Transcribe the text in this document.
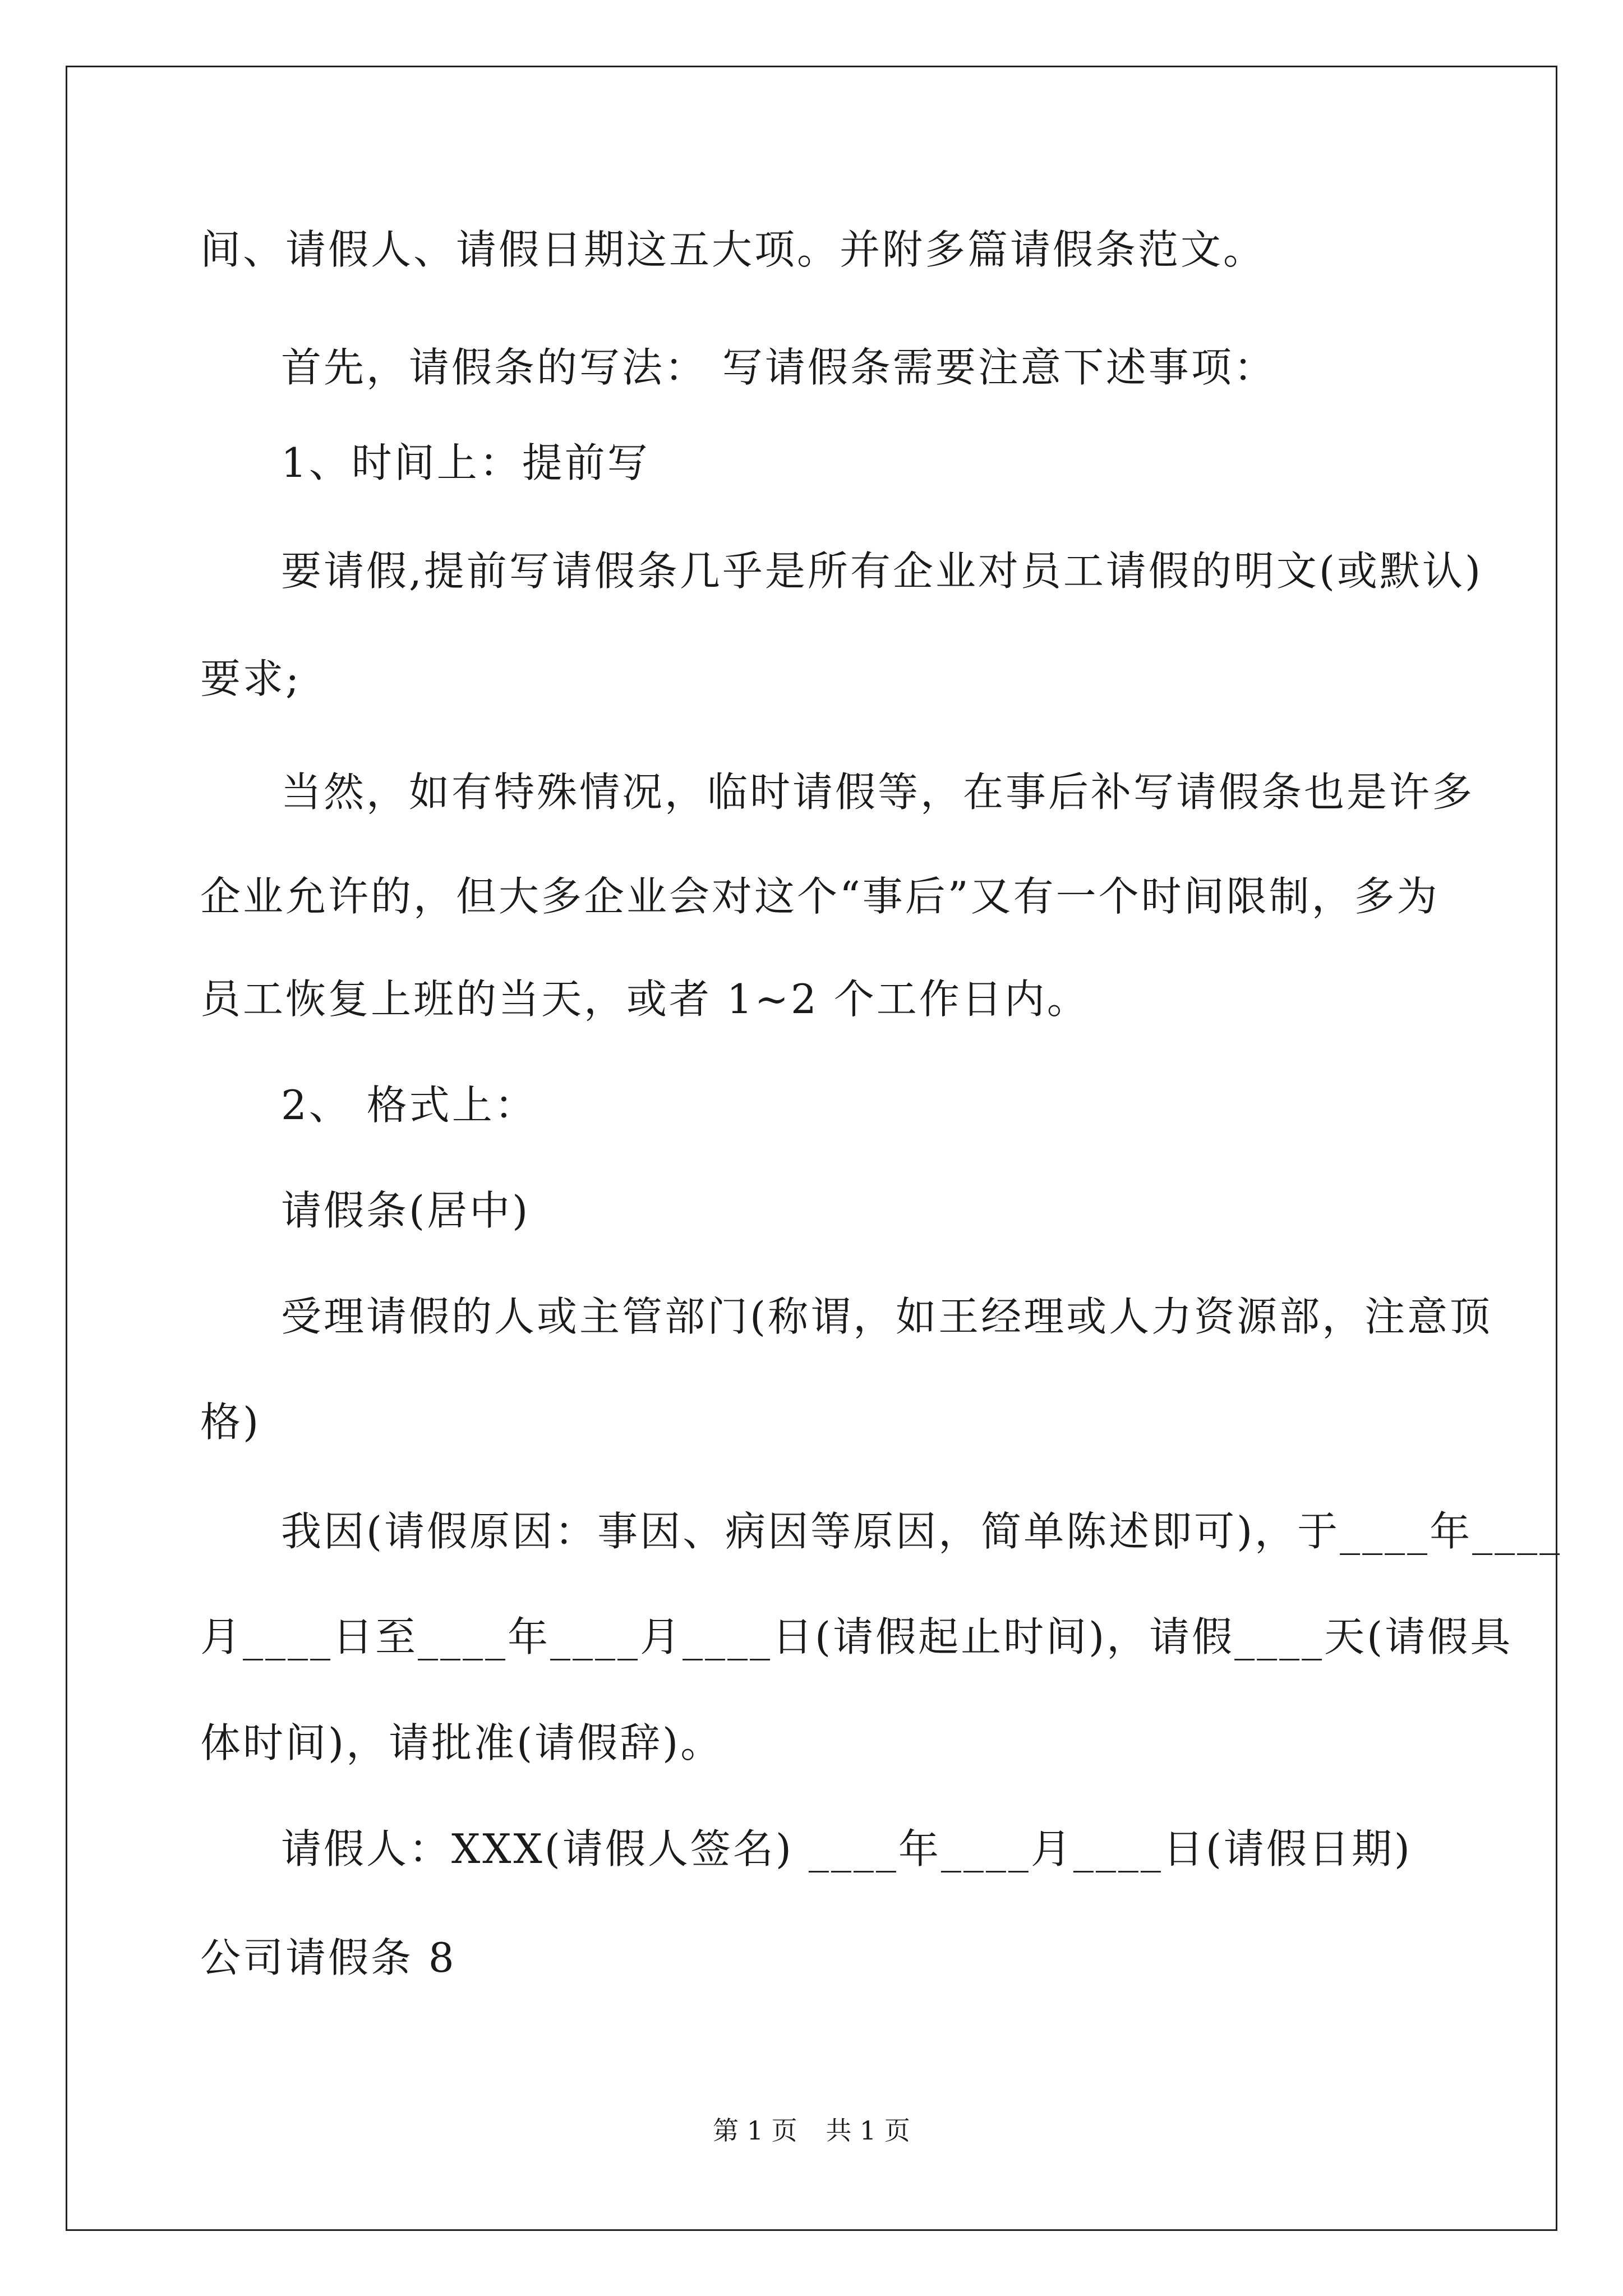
间、请假人、请假日期这五大项。并附多篇请假条范文。
首先，请假条的写法： 写请假条需要注意下述事项：
1、时间上：提前写
要请假,提前写请假条几乎是所有企业对员工请假的明文(或默认)
要求;
当然，如有特殊情况，临时请假等，在事后补写请假条也是许多
企业允许的，但大多企业会对这个“事后”又有一个时间限制，多为
员工恢复上班的当天，或者 1~2 个工作日内。
2、 格式上：
请假条(居中)
受理请假的人或主管部门(称谓，如王经理或人力资源部，注意顶
格)
我因(请假原因：事因、病因等原因，简单陈述即可)，于____年____
月____日至____年____月____日(请假起止时间)，请假____天(请假具
体时间)，请批准(请假辞)。
请假人：XXX(请假人签名) ____年____月____日(请假日期)
公司请假条 8
第 1 页 共 1 页
